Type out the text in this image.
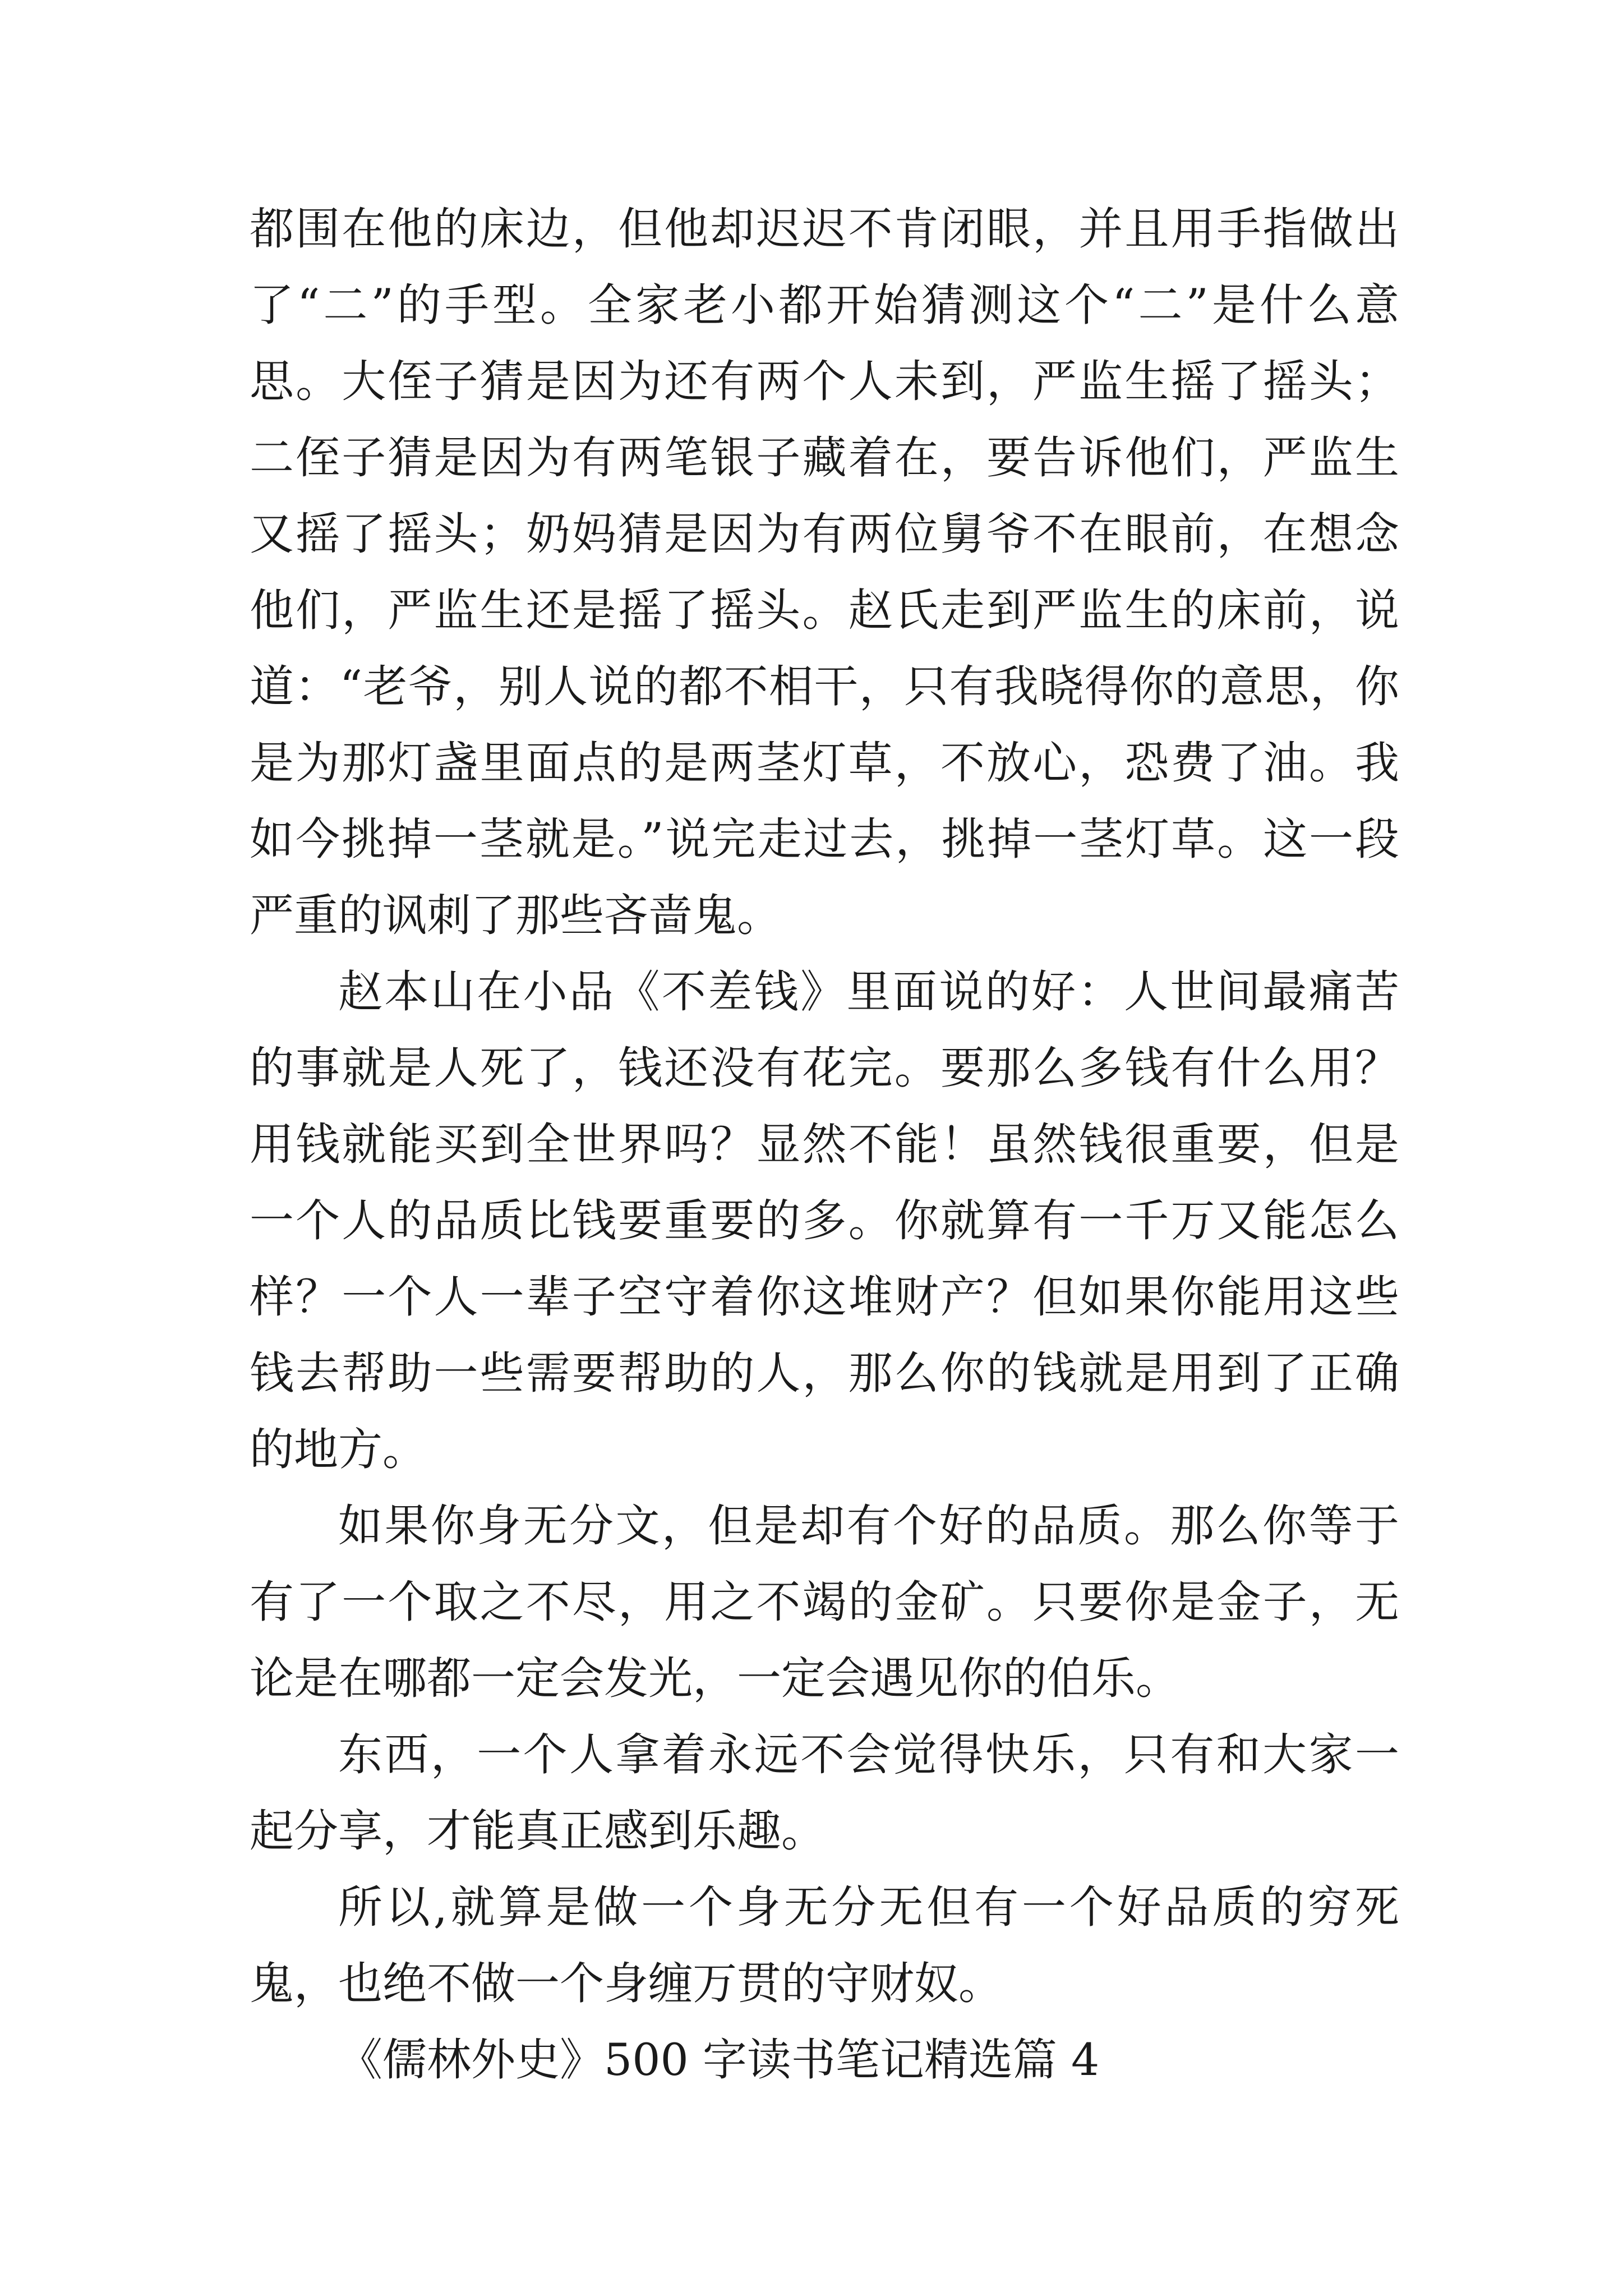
都围在他的床边，但他却迟迟不肯闭眼，并且用手指做出了“二”的手型。全家老小都开始猜测这个“二”是什么意思。大侄子猜是因为还有两个人未到，严监生摇了摇头；二侄子猜是因为有两笔银子藏着在，要告诉他们，严监生又摇了摇头；奶妈猜是因为有两位舅爷不在眼前，在想念他们，严监生还是摇了摇头。赵氏走到严监生的床前，说道：“老爷，别人说的都不相干，只有我晓得你的意思，你是为那灯盏里面点的是两茎灯草，不放心，恐费了油。我如今挑掉一茎就是。”说完走过去，挑掉一茎灯草。这一段严重的讽刺了那些吝啬鬼。

赵本山在小品《不差钱》里面说的好：人世间最痛苦的事就是人死了，钱还没有花完。要那么多钱有什么用？用钱就能买到全世界吗？显然不能！虽然钱很重要，但是一个人的品质比钱要重要的多。你就算有一千万又能怎么样？一个人一辈子空守着你这堆财产？但如果你能用这些钱去帮助一些需要帮助的人，那么你的钱就是用到了正确的地方。

如果你身无分文，但是却有个好的品质。那么你等于有了一个取之不尽，用之不竭的金矿。只要你是金子，无论是在哪都一定会发光，一定会遇见你的伯乐。

东西，一个人拿着永远不会觉得快乐，只有和大家一起分享，才能真正感到乐趣。

所以,就算是做一个身无分无但有一个好品质的穷死鬼，也绝不做一个身缠万贯的守财奴。

《儒林外史》500 字读书笔记精选篇 4
